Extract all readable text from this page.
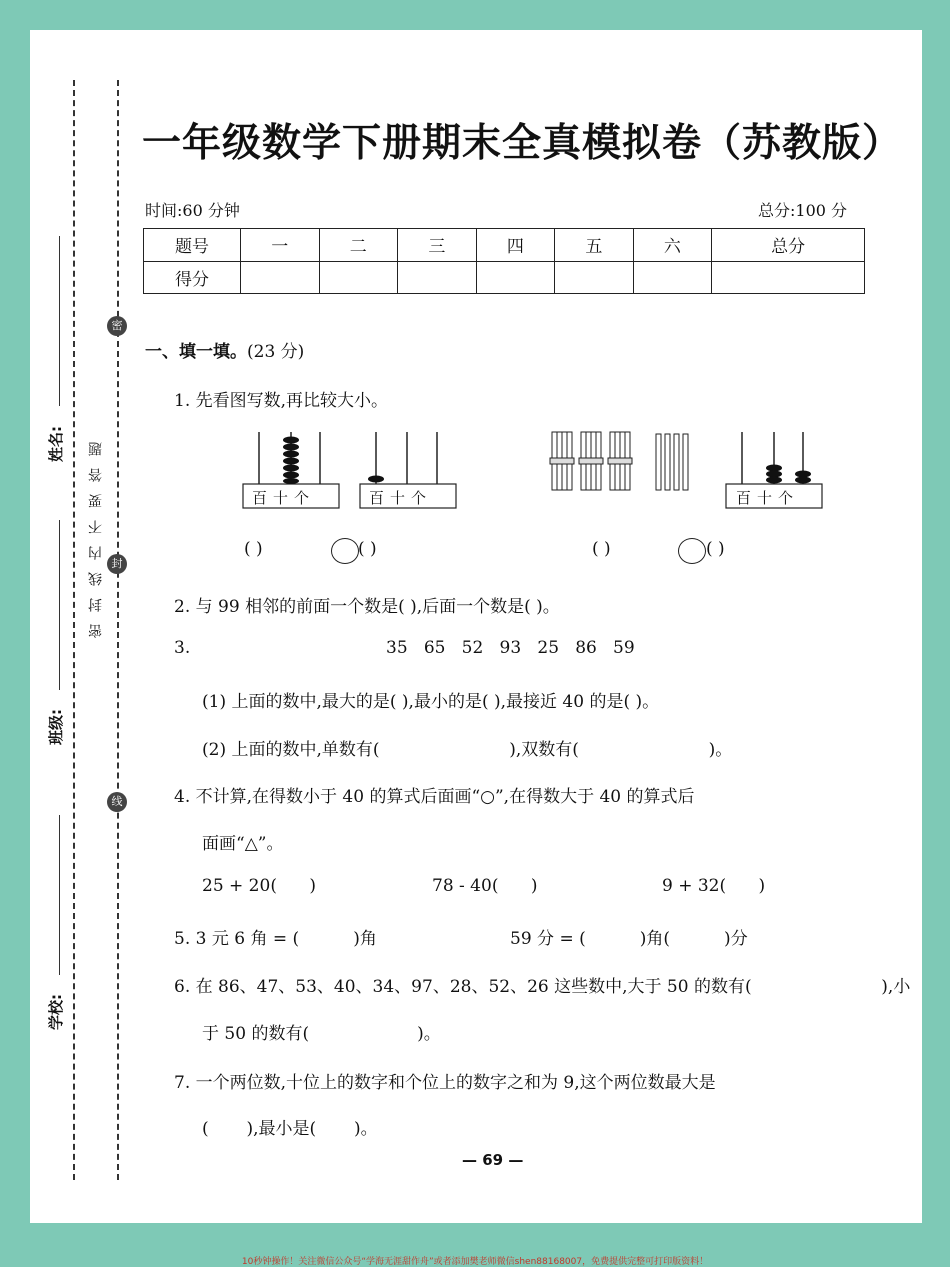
密
封
线
密封线内不要答题
姓名:
班级:
学校:
一年级数学下册期末全真模拟卷（苏教版）
时间:60 分钟	总分:100 分
题号	一	二	三	四	五	六	总分
得分							
一、填一填。(23 分)
1. 先看图写数,再比较大小。
百十个	百十个	百十个
( )	( )	( )	( )
2. 与 99 相邻的前面一个数是( ),后面一个数是( )。
3.	35   65   52   93   25   86   59
(1) 上面的数中,最大的是( ),最小的是( ),最接近 40 的是( )。
(2) 上面的数中,单数有(                        ),双数有(                        )。
4. 不计算,在得数小于 40 的算式后面画“○”,在得数大于 40 的算式后
面画“△”。
25 + 20(      )	78 - 40(      )	9 + 32(      )
5. 3 元 6 角 = (          )角	59 分 = (          )角(          )分
6. 在 86、47、53、40、34、97、28、52、26 这些数中,大于 50 的数有(                        ),小
于 50 的数有(                    )。
7. 一个两位数,十位上的数字和个位上的数字之和为 9,这个两位数最大是
(       ),最小是(       )。
— 69 —
10秒钟操作！关注微信公众号“学海无涯甜作舟”或者添加樊老师微信shen88168007，免费提供完整可打印版资料！
